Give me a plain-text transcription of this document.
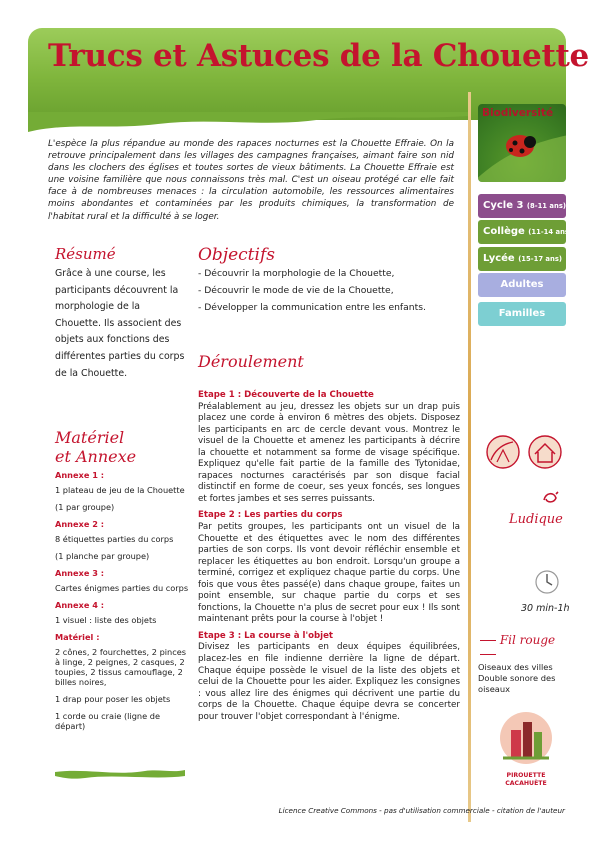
Trucs et Astuces de la Chouette
L'espèce la plus répandue au monde des rapaces nocturnes est la Chouette Effraie. On la retrouve principalement dans les villages des campagnes françaises, aimant faire son nid dans les clochers des églises et toutes sortes de vieux bâtiments. La Chouette Effraie est une voisine familière que nous connaissons très mal. C'est un oiseau protégé car elle fait face à de nombreuses menaces : la circulation automobile, les ressources alimentaires moins abondantes et contaminées par les produits chimiques, la transformation de l'habitat rural et la difficulté à se loger.
Résumé
Grâce à une course, les participants découvrent la morphologie de la Chouette. Ils associent des objets aux fonctions des différentes parties du corps de la Chouette.
Objectifs
- Découvrir la morphologie de la Chouette,
- Découvrir le mode de vie de la Chouette,
- Développer la communication entre les enfants.
Déroulement
Etape 1 : Découverte de la Chouette
Préalablement au jeu, dressez les objets sur un drap puis placez une corde à environ 6 mètres des objets. Disposez les participants en arc de cercle devant vous. Montrez le visuel de la Chouette et amenez les participants à décrire la chouette et notamment sa forme de visage spécifique. Expliquez qu'elle fait partie de la famille des Tytonidae, rapaces nocturnes caractérisés par son disque facial distinctif en forme de coeur, ses yeux foncés, ses longues et fortes jambes et ses serres puissants.
Etape 2 : Les parties du corps
Par petits groupes, les participants ont un visuel de la Chouette et des étiquettes avec le nom des différentes parties de son corps. Ils vont devoir réfléchir ensemble et replacer les étiquettes au bon endroit. Lorsqu'un groupe a terminé, corrigez et expliquez chaque partie du corps. Une fois que vous êtes passé(e) dans chaque groupe, faites un point ensemble, sur chaque partie du corps et ses fonctions, la Chouette n'a plus de secret pour eux ! Ils sont maintenant prêts pour la course à l'objet !
Etape 3 : La course à l'objet
Divisez les participants en deux équipes équilibrées, placez-les en file indienne derrière la ligne de départ. Chaque équipe possède le visuel de la liste des objets et celui de la Chouette pour les aider. Expliquez les consignes : vous allez lire des énigmes qui décrivent une partie du corps de la Chouette. Chaque équipe devra se concerter pour trouver l'objet correspondant à l'énigme.
Matériel
et Annexe
Annexe 1 :
1 plateau de jeu de la Chouette
(1 par groupe)
Annexe 2 :
8 étiquettes parties du corps
(1 planche par groupe)
Annexe 3 :
Cartes énigmes parties du corps
Annexe 4 :
1 visuel : liste des objets
Matériel :
2 cônes, 2 fourchettes, 2 pinces à linge, 2 peignes, 2 casques, 2 toupies, 2 tissus camouflage, 2 billes noires,
1 drap pour poser les objets
1 corde ou craie (ligne de départ)
Biodiversité
Cycle 3 (8-11 ans)
Collège (11-14 ans)
Lycée (15-17 ans)
Adultes
Familles
Ludique
30 min-1h
Fil rouge
Oiseaux des villes
Double sonore des oiseaux
PIROUETTE
CACAHUÈTE
Licence Creative Commons - pas d'utilisation commerciale - citation de l'auteur
